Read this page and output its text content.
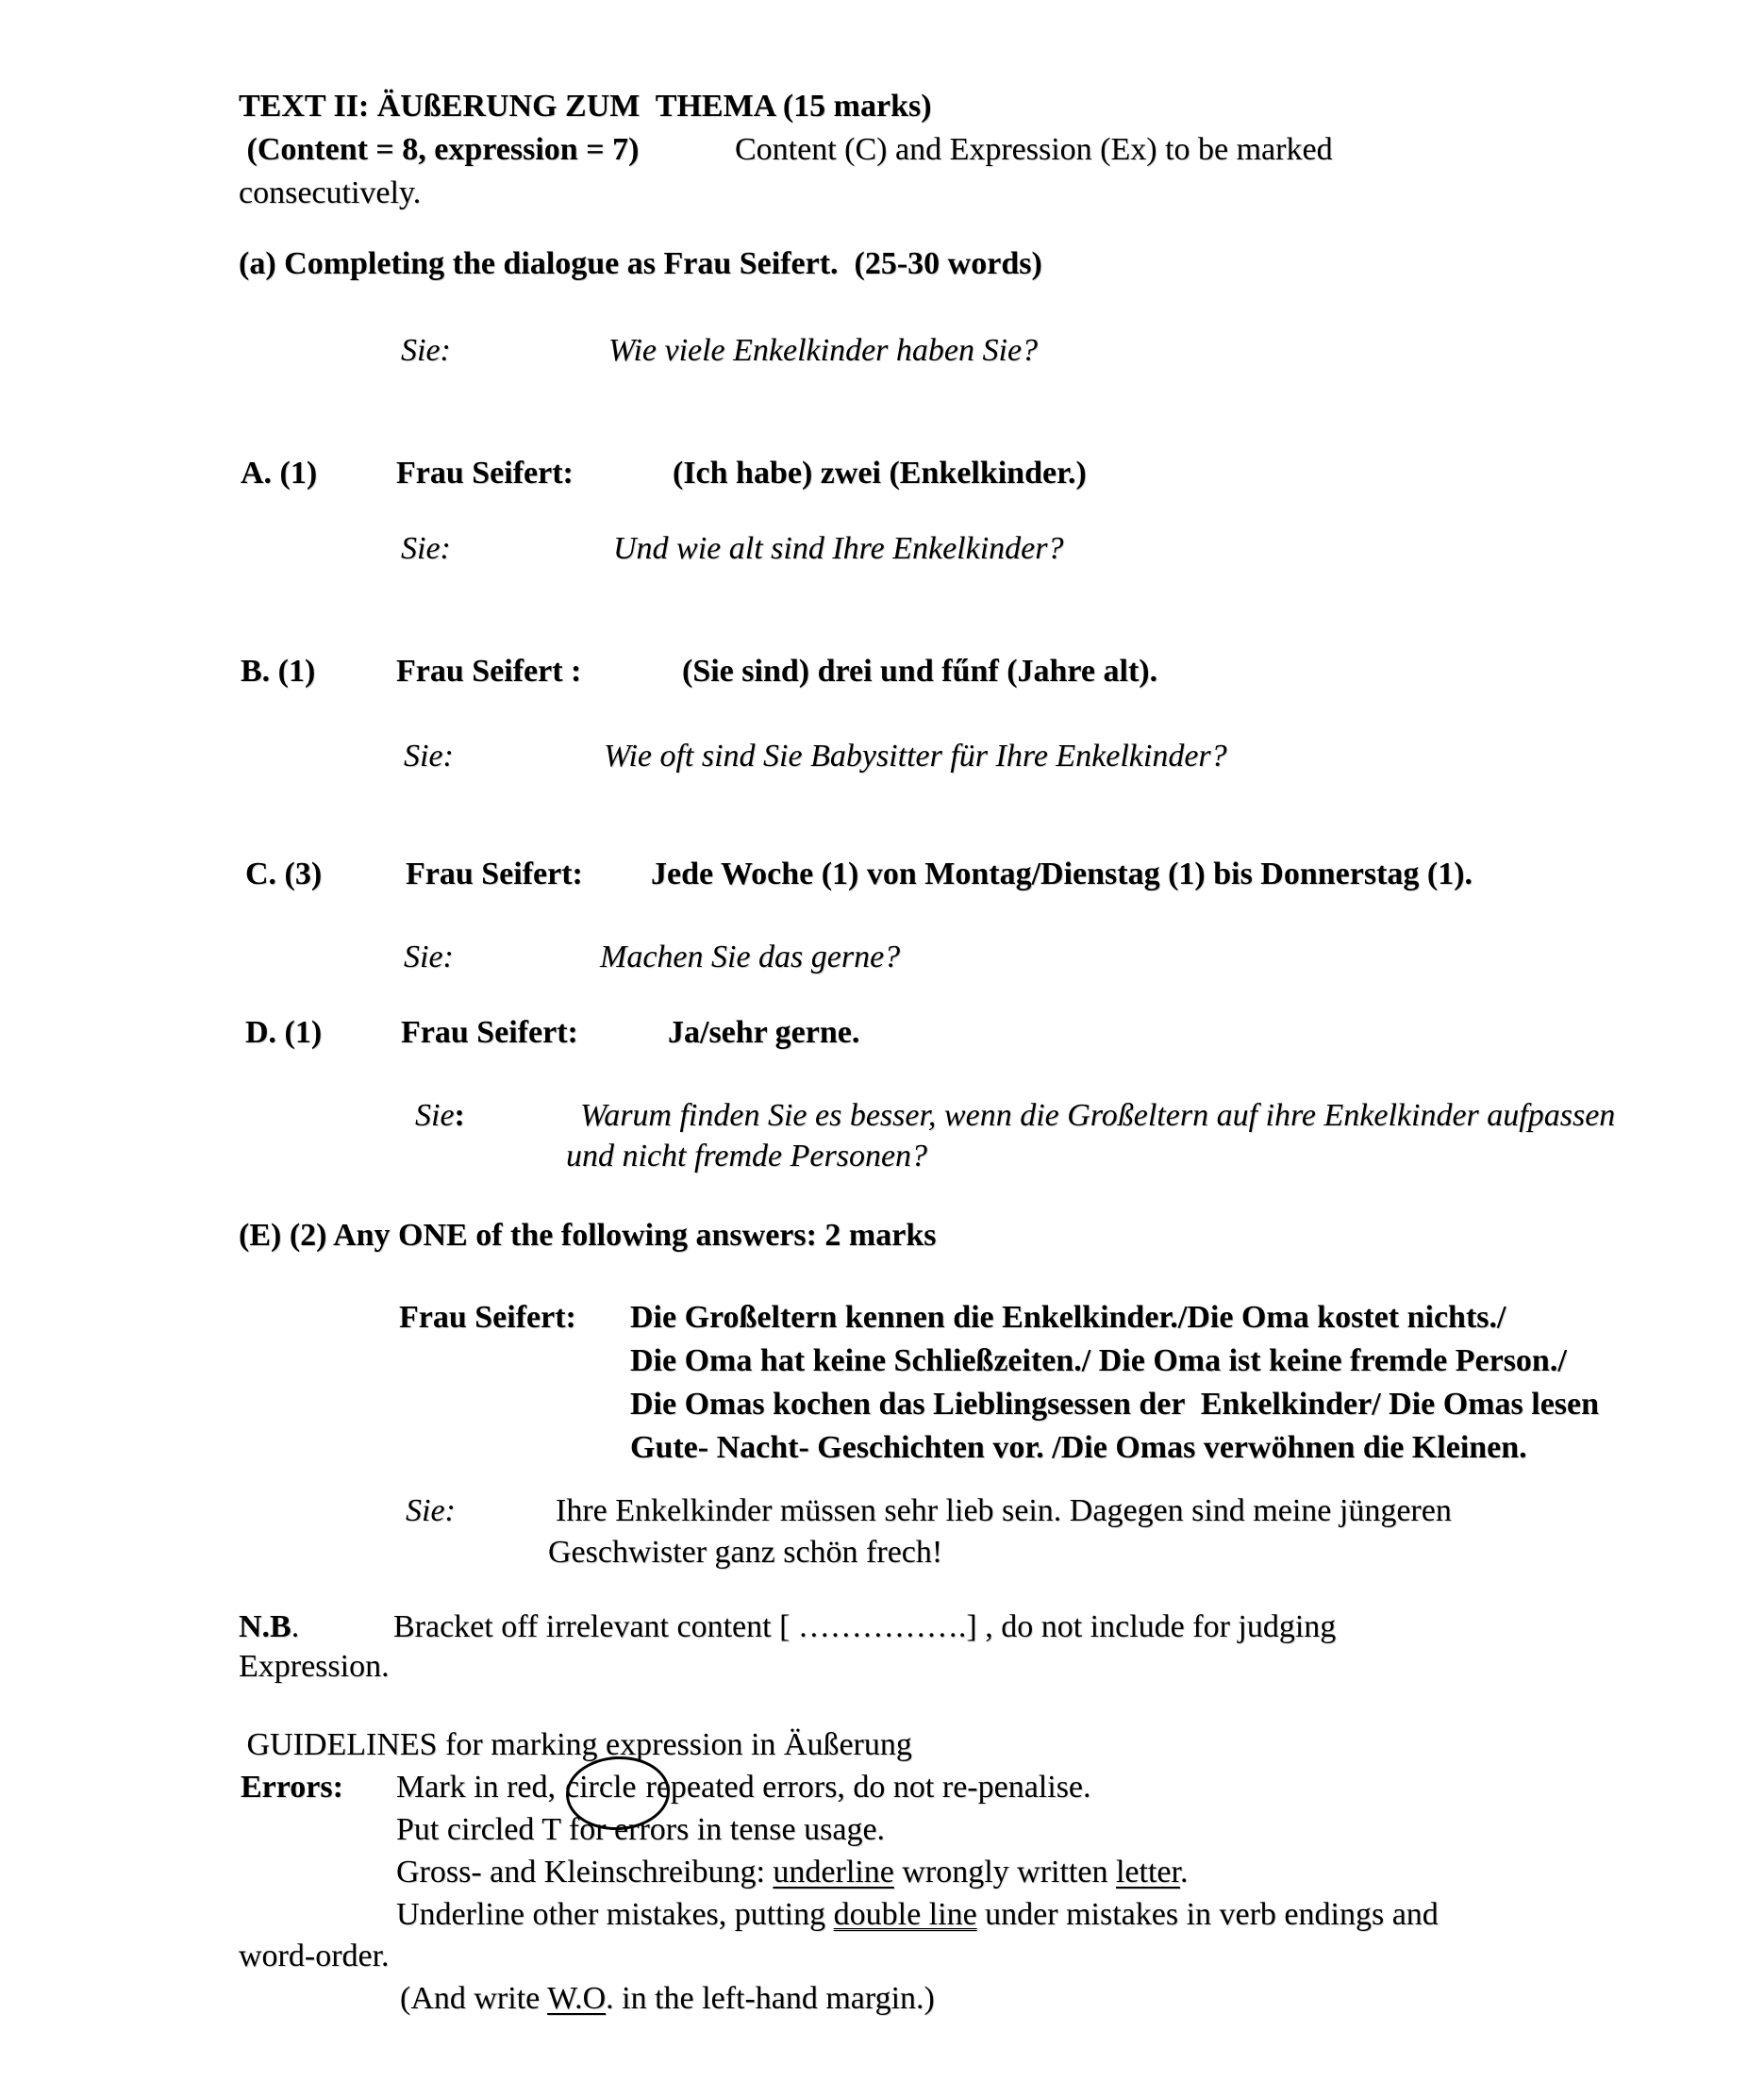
TEXT II: ÄUßERUNG ZUM  THEMA (15 marks)
(Content = 8, expression = 7)	Content (C) and Expression (Ex) to be marked
consecutively.
(a) Completing the dialogue as Frau Seifert.  (25-30 words)
Sie:	Wie viele Enkelkinder haben Sie?
A. (1) Frau Seifert:	(Ich habe) zwei (Enkelkinder.)
Sie:	Und wie alt sind Ihre Enkelkinder?
B. (1)	Frau Seifert :	(Sie sind) drei und fűnf (Jahre alt).
Sie:	Wie oft sind Sie Babysitter für Ihre Enkelkinder?
C. (3)	Frau Seifert: Jede Woche (1) von Montag/Dienstag (1) bis Donnerstag (1).
Sie:	Machen Sie das gerne?
D. (1) Frau Seifert:	Ja/sehr gerne.
Sie:	Warum finden Sie es besser, wenn die Großeltern auf ihre Enkelkinder aufpassen
und nicht fremde Personen?
(E) (2) Any ONE of the following answers: 2 marks
Frau Seifert: Die Großeltern kennen die Enkelkinder./Die Oma kostet nichts./
Die Oma hat keine Schließzeiten./ Die Oma ist keine fremde Person./
Die Omas kochen das Lieblingsessen der  Enkelkinder/ Die Omas lesen
Gute- Nacht- Geschichten vor. /Die Omas verwöhnen die Kleinen.
Sie:	Ihre Enkelkinder müssen sehr lieb sein. Dagegen sind meine jüngeren
Geschwister ganz schön frech!
N.B.	Bracket off irrelevant content [ …………….] , do not include for judging
Expression.
GUIDELINES for marking expression in Äußerung
Errors: Mark in red, circle repeated errors, do not re-penalise.
Put circled T for errors in tense usage.
Gross- and Kleinschreibung: underline wrongly written letter.
Underline other mistakes, putting double line under mistakes in verb endings and
word-order.
(And write W.O. in the left-hand margin.)
